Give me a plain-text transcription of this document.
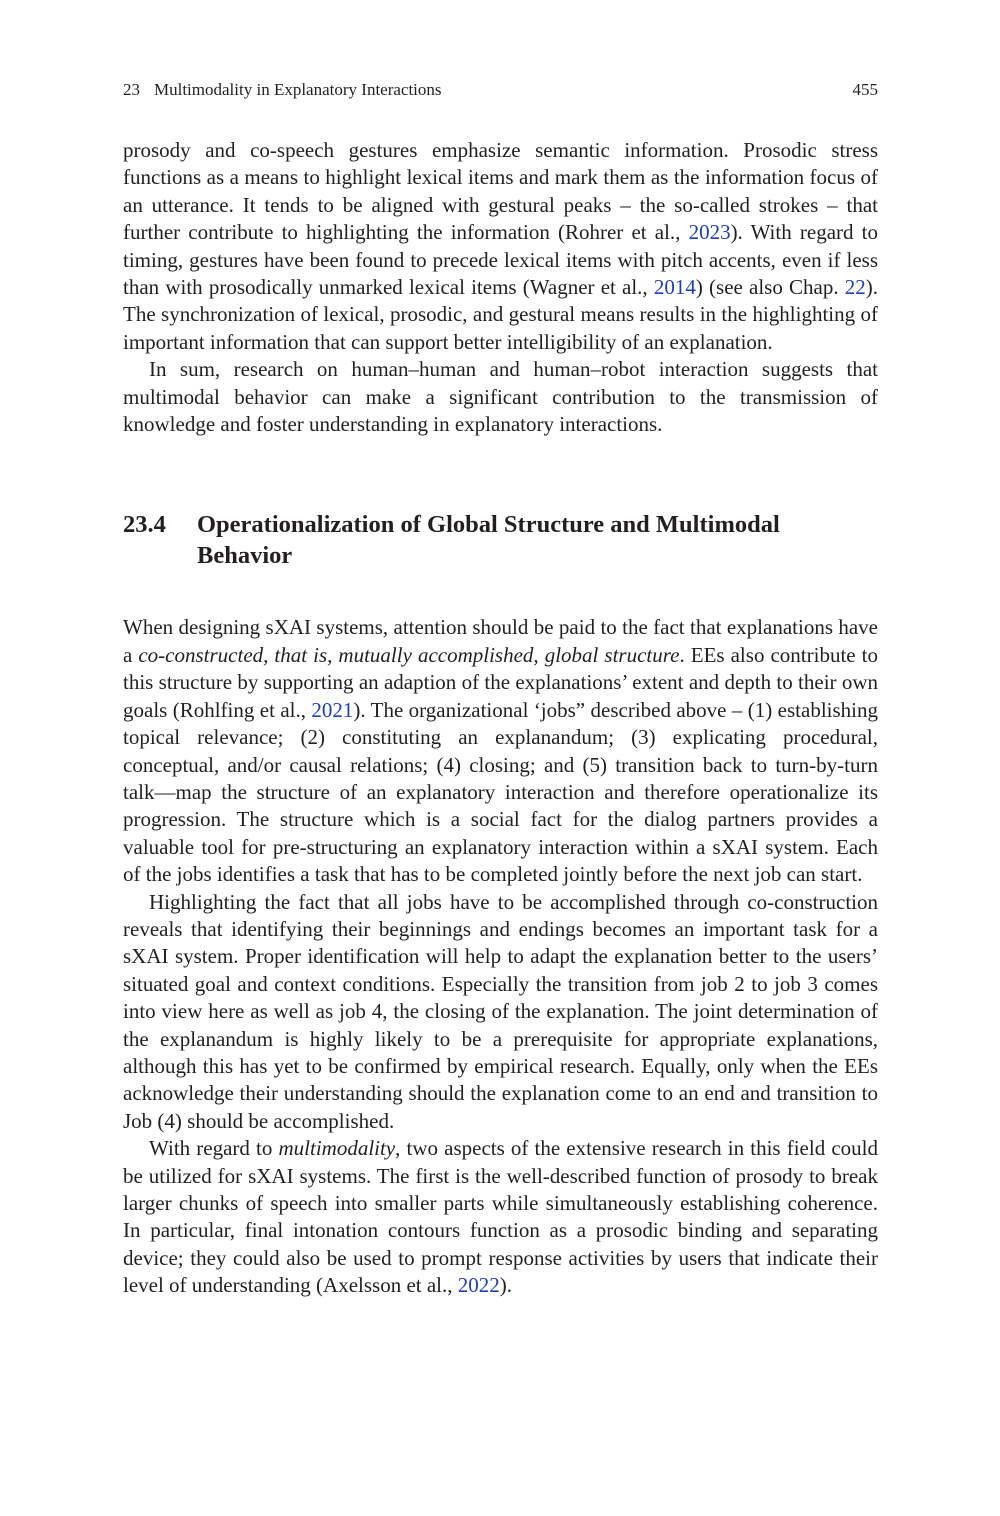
23 Multimodality in Explanatory Interactions	455

prosody and co-speech gestures emphasize semantic information. Prosodic stress functions as a means to highlight lexical items and mark them as the information focus of an utterance. It tends to be aligned with gestural peaks – the so-called strokes – that further contribute to highlighting the information (Rohrer et al., 2023). With regard to timing, gestures have been found to precede lexical items with pitch accents, even if less than with prosodically unmarked lexical items (Wagner et al., 2014) (see also Chap. 22). The synchronization of lexical, prosodic, and gestural means results in the highlighting of important information that can support better intelligibility of an explanation.

In sum, research on human–human and human–robot interaction suggests that multimodal behavior can make a significant contribution to the transmission of knowledge and foster understanding in explanatory interactions.

23.4	Operationalization of Global Structure and Multimodal Behavior

When designing sXAI systems, attention should be paid to the fact that explanations have a co-constructed, that is, mutually accomplished, global structure. EEs also contribute to this structure by supporting an adaption of the explanations’ extent and depth to their own goals (Rohlfing et al., 2021). The organizational ‘jobs” described above – (1) establishing topical relevance; (2) constituting an explanandum; (3) explicating procedural, conceptual, and/or causal relations; (4) closing; and (5) transition back to turn-by-turn talk—map the structure of an explanatory interaction and therefore operationalize its progression. The structure which is a social fact for the dialog partners provides a valuable tool for pre-structuring an explanatory interaction within a sXAI system. Each of the jobs identifies a task that has to be completed jointly before the next job can start.

Highlighting the fact that all jobs have to be accomplished through co-construction reveals that identifying their beginnings and endings becomes an important task for a sXAI system. Proper identification will help to adapt the explanation better to the users’ situated goal and context conditions. Especially the transition from job 2 to job 3 comes into view here as well as job 4, the closing of the explanation. The joint determination of the explanandum is highly likely to be a prerequisite for appropriate explanations, although this has yet to be confirmed by empirical research. Equally, only when the EEs acknowledge their understanding should the explanation come to an end and transition to Job (4) should be accomplished.

With regard to multimodality, two aspects of the extensive research in this field could be utilized for sXAI systems. The first is the well-described function of prosody to break larger chunks of speech into smaller parts while simultaneously establishing coherence. In particular, final intonation contours function as a prosodic binding and separating device; they could also be used to prompt response activities by users that indicate their level of understanding (Axelsson et al., 2022).
